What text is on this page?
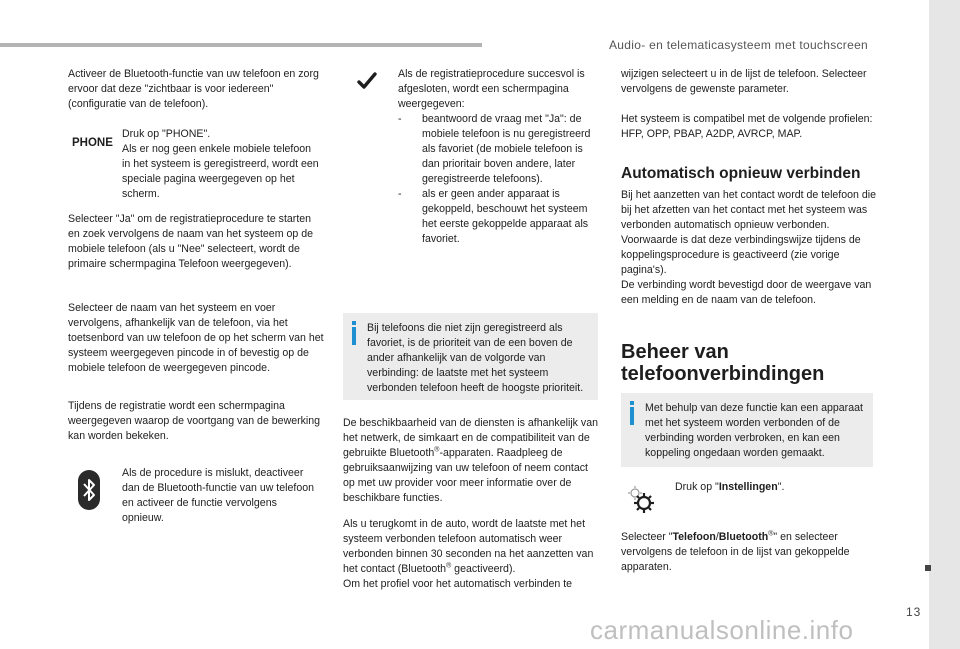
Audio- en telematicasysteem met touchscreen
13
carmanualsonline.info

Activeer de Bluetooth-functie van uw telefoon en zorg ervoor dat deze "zichtbaar is voor iedereen" (configuratie van de telefoon).

PHONE

Druk op "PHONE".

Als er nog geen enkele mobiele telefoon in het systeem is geregistreerd, wordt een speciale pagina weergegeven op het scherm.

Selecteer "Ja" om de registratieprocedure te starten en zoek vervolgens de naam van het systeem op de mobiele telefoon (als u "Nee" selecteert, wordt de primaire schermpagina Telefoon weergegeven).

Selecteer de naam van het systeem en voer vervolgens, afhankelijk van de telefoon, via het toetsenbord van uw telefoon de op het scherm van het systeem weergegeven pincode in of bevestig op de mobiele telefoon de weergegeven pincode.

Tijdens de registratie wordt een schermpagina weergegeven waarop de voortgang van de bewerking kan worden bekeken.

Als de procedure is mislukt, deactiveer dan de Bluetooth-functie van uw telefoon en activeer de functie vervolgens opnieuw.

Als de registratieprocedure succesvol is afgesloten, wordt een schermpagina weergegeven:

- beantwoord de vraag met "Ja": de mobiele telefoon is nu geregistreerd als favoriet (de mobiele telefoon is dan prioritair boven andere, later geregistreerde telefoons).
- als er geen ander apparaat is gekoppeld, beschouwt het systeem het eerste gekoppelde apparaat als favoriet.

Bij telefoons die niet zijn geregistreerd als favoriet, is de prioriteit van de een boven de ander afhankelijk van de volgorde van verbinding: de laatste met het systeem verbonden telefoon heeft de hoogste prioriteit.

De beschikbaarheid van de diensten is afhankelijk van het netwerk, de simkaart en de compatibiliteit van de gebruikte Bluetooth®-apparaten. Raadpleeg de gebruiksaanwijzing van uw telefoon of neem contact op met uw provider voor meer informatie over de beschikbare functies.

Als u terugkomt in de auto, wordt de laatste met het systeem verbonden telefoon automatisch weer verbonden binnen 30 seconden na het aanzetten van het contact (Bluetooth® geactiveerd).
Om het profiel voor het automatisch verbinden te

wijzigen selecteert u in de lijst de telefoon. Selecteer vervolgens de gewenste parameter.

Het systeem is compatibel met de volgende profielen: HFP, OPP, PBAP, A2DP, AVRCP, MAP.

Automatisch opnieuw verbinden

Bij het aanzetten van het contact wordt de telefoon die bij het afzetten van het contact met het systeem was verbonden automatisch opnieuw verbonden. Voorwaarde is dat deze verbindingswijze tijdens de koppelingsprocedure is geactiveerd (zie vorige pagina's).

De verbinding wordt bevestigd door de weergave van een melding en de naam van de telefoon.

Beheer van
telefoonverbindingen

Met behulp van deze functie kan een apparaat met het systeem worden verbonden of de verbinding worden verbroken, en kan een koppeling ongedaan worden gemaakt.

Druk op "Instellingen".

Selecteer "Telefoon/Bluetooth®" en selecteer vervolgens de telefoon in de lijst van gekoppelde apparaten.
